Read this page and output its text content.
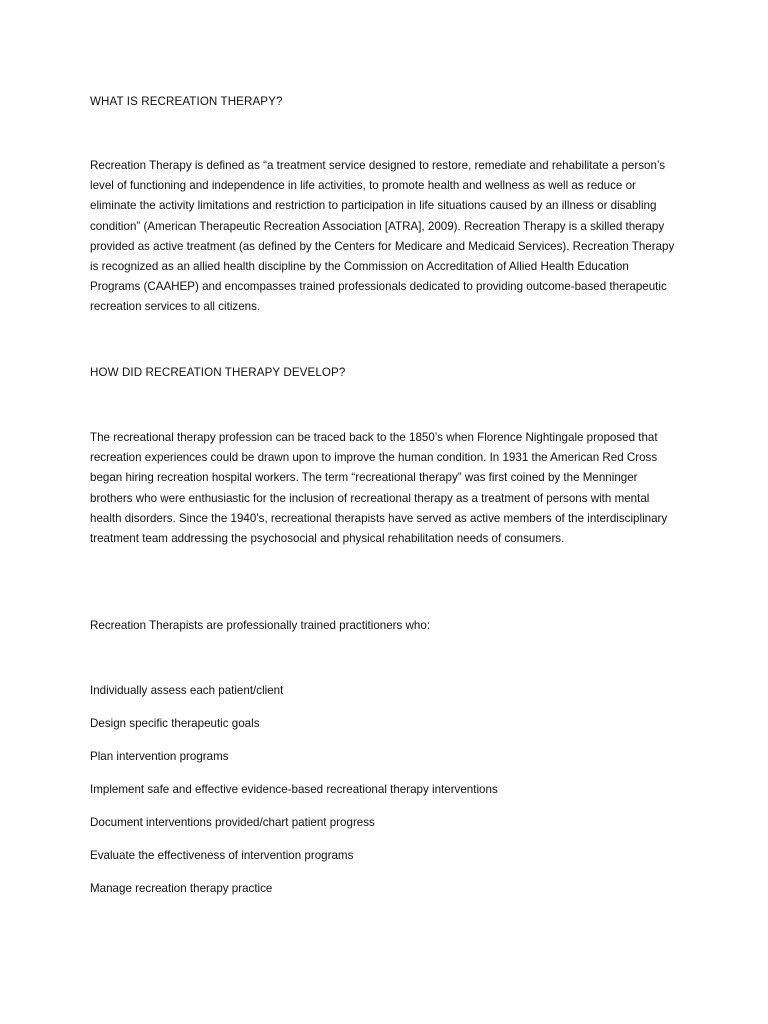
WHAT IS RECREATION THERAPY?

Recreation Therapy is defined as “a treatment service designed to restore, remediate and rehabilitate a person’s level of functioning and independence in life activities, to promote health and wellness as well as reduce or eliminate the activity limitations and restriction to participation in life situations caused by an illness or disabling condition” (American Therapeutic Recreation Association [ATRA], 2009). Recreation Therapy is a skilled therapy provided as active treatment (as defined by the Centers for Medicare and Medicaid Services). Recreation Therapy is recognized as an allied health discipline by the Commission on Accreditation of Allied Health Education Programs (CAAHEP) and encompasses trained professionals dedicated to providing outcome-based therapeutic recreation services to all citizens.

HOW DID RECREATION THERAPY DEVELOP?

The recreational therapy profession can be traced back to the 1850’s when Florence Nightingale proposed that recreation experiences could be drawn upon to improve the human condition. In 1931 the American Red Cross began hiring recreation hospital workers. The term “recreational therapy” was first coined by the Menninger brothers who were enthusiastic for the inclusion of recreational therapy as a treatment of persons with mental health disorders. Since the 1940’s, recreational therapists have served as active members of the interdisciplinary treatment team addressing the psychosocial and physical rehabilitation needs of consumers.

Recreation Therapists are professionally trained practitioners who:
Individually assess each patient/client
Design specific therapeutic goals
Plan intervention programs
Implement safe and effective evidence-based recreational therapy interventions
Document interventions provided/chart patient progress
Evaluate the effectiveness of intervention programs
Manage recreation therapy practice
